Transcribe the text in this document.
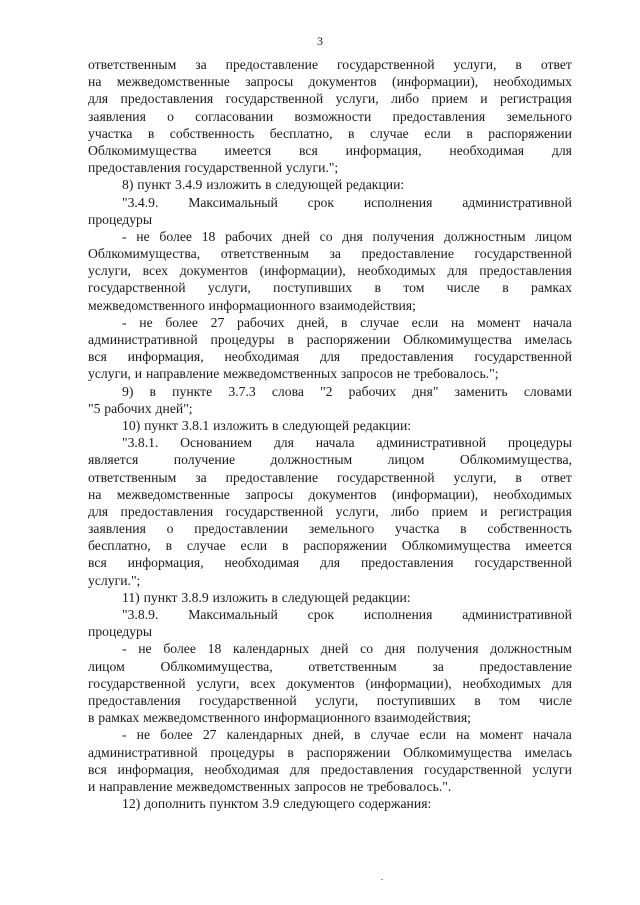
3
ответственным за предоставление государственной услуги, в ответ
на межведомственные запросы документов (информации), необходимых
для предоставления государственной услуги, либо прием и регистрация
заявления о согласовании возможности предоставления земельного
участка в собственность бесплатно, в случае если в распоряжении
Облкомимущества имеется вся информация, необходимая для
предоставления государственной услуги.";
8) пункт 3.4.9 изложить в следующей редакции:
"3.4.9. Максимальный срок исполнения административной
процедуры
- не более 18 рабочих дней со дня получения должностным лицом
Облкомимущества, ответственным за предоставление государственной
услуги, всех документов (информации), необходимых для предоставления
государственной услуги, поступивших в том числе в рамках
межведомственного информационного взаимодействия;
- не более 27 рабочих дней, в случае если на момент начала
административной процедуры в распоряжении Облкомимущества имелась
вся информация, необходимая для предоставления государственной
услуги, и направление межведомственных запросов не требовалось.";
9) в пункте 3.7.3 слова "2 рабочих дня" заменить словами
"5 рабочих дней";
10) пункт 3.8.1 изложить в следующей редакции:
"3.8.1. Основанием для начала административной процедуры
является	получение	должностным	лицом	Облкомимущества,
ответственным за предоставление государственной услуги, в ответ
на межведомственные запросы документов (информации), необходимых
для предоставления государственной услуги, либо прием и регистрация
заявления о предоставлении земельного участка в собственность
бесплатно, в случае если в распоряжении Облкомимущества имеется
вся информация, необходимая для предоставления государственной
услуги.";
11) пункт 3.8.9 изложить в следующей редакции:
"3.8.9. Максимальный срок исполнения административной
процедуры
- не более 18 календарных дней со дня получения должностным
лицом	Облкомимущества,	ответственным	за	предоставление
государственной услуги, всех документов (информации), необходимых для
предоставления государственной услуги, поступивших в том числе
в рамках межведомственного информационного взаимодействия;
- не более 27 календарных дней, в случае если на момент начала
административной процедуры в распоряжении Облкомимущества имелась
вся информация, необходимая для предоставления государственной услуги
и направление межведомственных запросов не требовалось.".
12) дополнить пунктом 3.9 следующего содержания:
